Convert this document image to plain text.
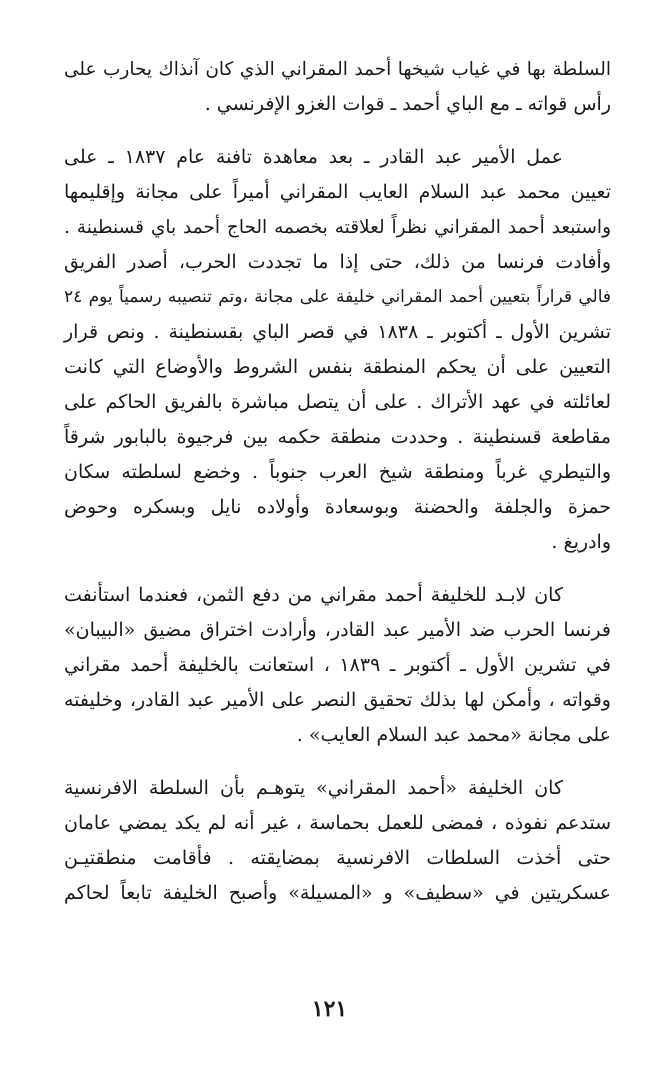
السلطة بها في غياب شيخها أحمد المقراني الذي كان آنذاك يحارب على
رأس قواته ـ مع الباي أحمد ـ قوات الغزو الإفرنسي .
عمل الأمير عبد القادر ـ بعد معاهدة تافنة عام ١٨٣٧ ـ على
تعيين محمد عبد السلام العايب المقراني أميراً على مجانة وإقليمها
واستبعد أحمد المقراني نظراً لعلاقته بخصمه الحاج أحمد باي قسنطينة .
وأفادت فرنسا من ذلك، حتى إذا ما تجددت الحرب، أصدر الفريق
فالي قراراً بتعيين أحمد المقراني خليفة على مجانة ،وتم تنصيبه رسمياً يوم ٢٤
تشرين الأول ـ أكتوبر ـ ١٨٣٨ في قصر الباي بقسنطينة . ونص قرار
التعيين على أن يحكم المنطقة بنفس الشروط والأوضاع التي كانت
لعائلته في عهد الأتراك . على أن يتصل مباشرة بالفريق الحاكم على
مقاطعة قسنطينة . وحددت منطقة حكمه بين فرجيوة بالبابور شرقاً
والتيطري غرباً ومنطقة شيخ العرب جنوباً . وخضع لسلطته سكان
حمزة والجلفة والحضنة وبوسعادة وأولاده نايل وبسكره وحوض
وادريغ .
كان لابـد للخليفة أحمد مقراني من دفع الثمن، فعندما استأنفت
فرنسا الحرب ضد الأمير عبد القادر، وأرادت اختراق مضيق «البيبان»
في تشرين الأول ـ أكتوبر ـ ١٨٣٩ ، استعانت بالخليفة أحمد مقراني
وقواته ، وأمكن لها بذلك تحقيق النصر على الأمير عبد القادر، وخليفته
على مجانة «محمد عبد السلام العايب» .
كان الخليفة «أحمد المقراني» يتوهـم بأن السلطة الافرنسية
ستدعم نفوذه ، فمضى للعمل بحماسة ، غير أنه لم يكد يمضي عامان
حتى أخذت السلطات الافرنسية بمضايقته . فأقامت منطقتيـن
عسكريتين في «سطيف» و «المسيلة» وأصبح الخليفة تابعاً لحاكم
١٢١
